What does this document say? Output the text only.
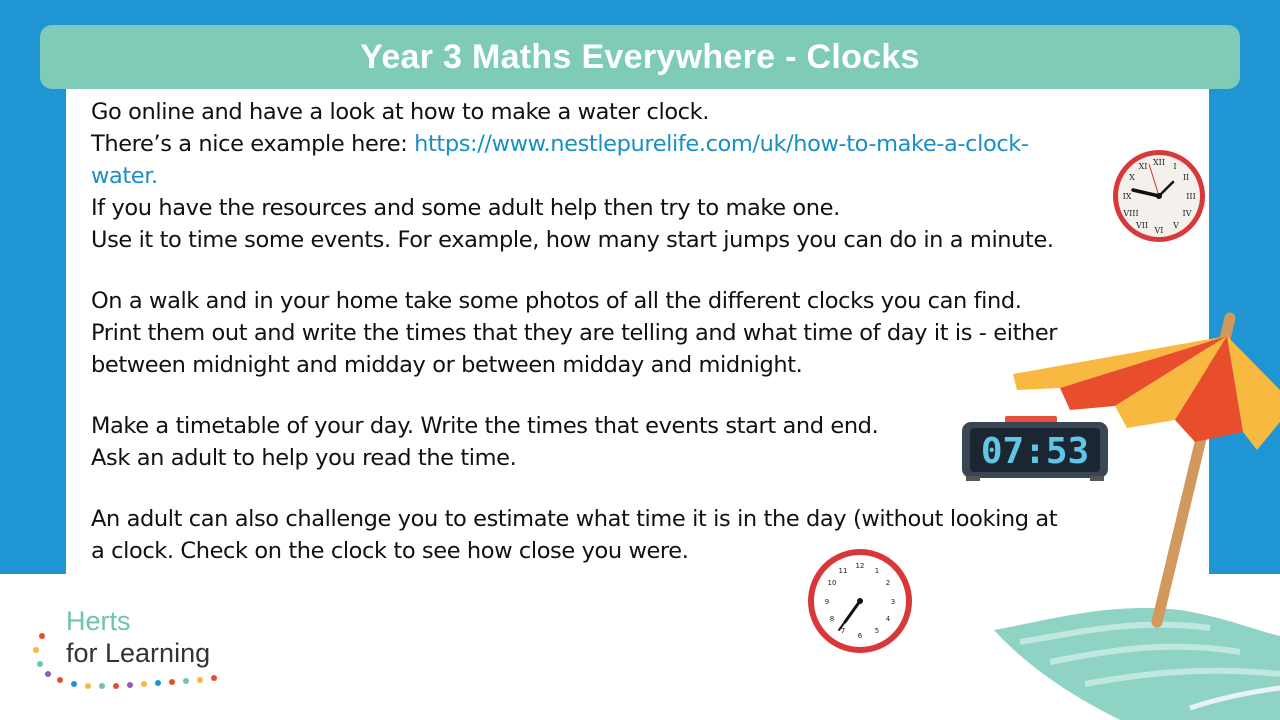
Year 3 Maths Everywhere - Clocks

Go online and have a look at how to make a water clock.

There’s a nice example here: https://www.nestlepurelife.com/uk/how-to-make-a-clock-

water.

If you have the resources and some adult help then try to make one.

Use it to time some events. For example, how many start jumps you can do in a minute.

On a walk and in your home take some photos of all the different clocks you can find.

Print them out and write the times that they are telling and what time of day it is - either

between midnight and midday or between midday and midnight.

Make a timetable of your day. Write the times that events start and end.

Ask an adult to help you read the time.

An adult can also challenge you to estimate what time it is in the day (without looking at

a clock. Check on the clock to see how close you were.

XII I
II
III
IV
V
VI
VII
VIII
IX
X
XI
07:53
12
1
2
3
4
5
6
7
8
9
10
11
Herts
for Learning
